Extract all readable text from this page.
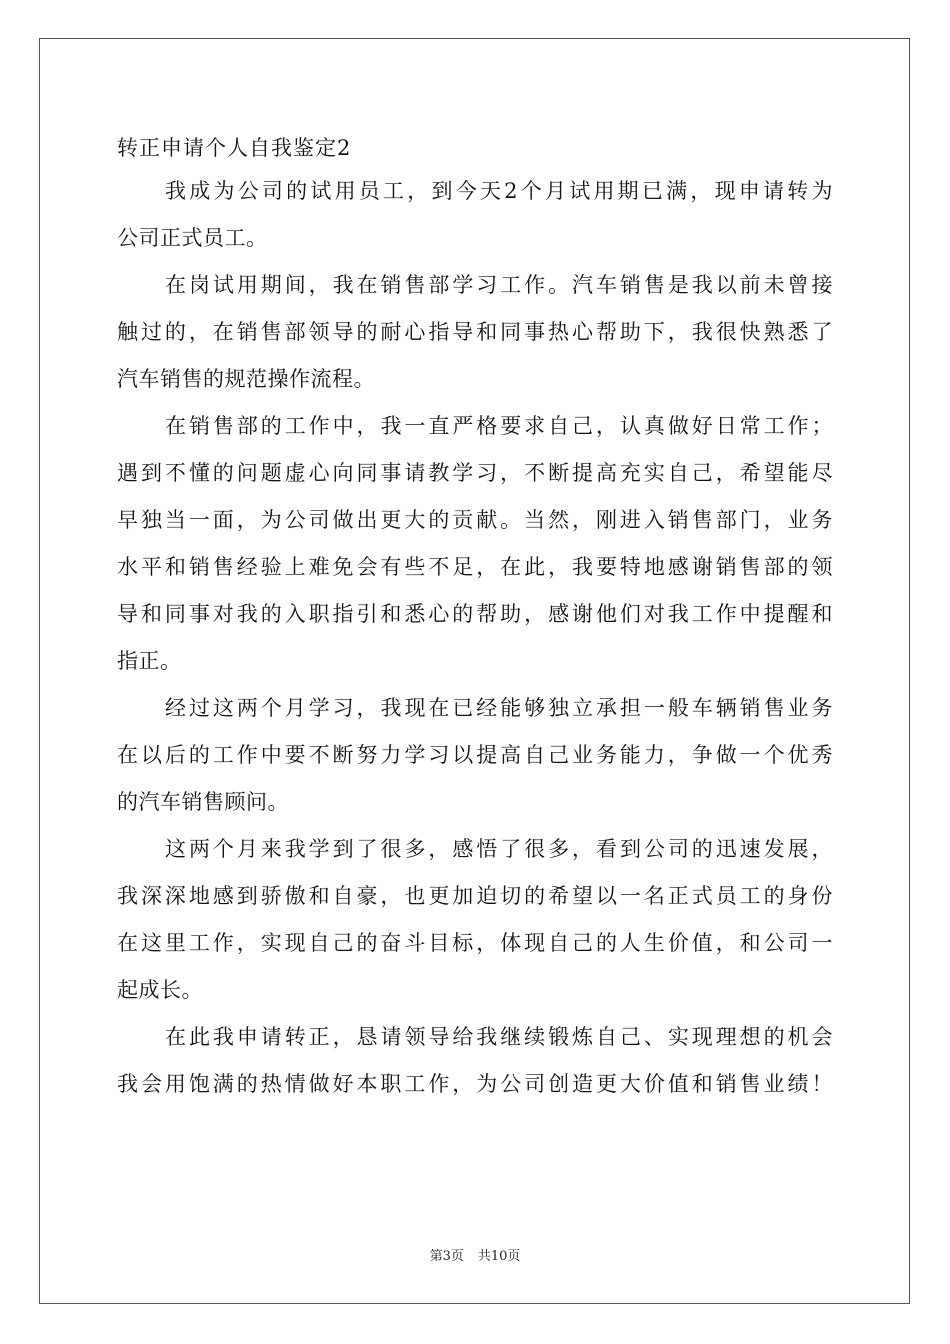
转正申请个人自我鉴定2

我成为公司的试用员工，到今天2个月试用期已满，现申请转为
公司正式员工。

在岗试用期间，我在销售部学习工作。汽车销售是我以前未曾接
触过的，在销售部领导的耐心指导和同事热心帮助下，我很快熟悉了
汽车销售的规范操作流程。

在销售部的工作中，我一直严格要求自己，认真做好日常工作；
遇到不懂的问题虚心向同事请教学习，不断提高充实自己，希望能尽
早独当一面，为公司做出更大的贡献。当然，刚进入销售部门，业务
水平和销售经验上难免会有些不足，在此，我要特地感谢销售部的领
导和同事对我的入职指引和悉心的帮助，感谢他们对我工作中提醒和
指正。

经过这两个月学习，我现在已经能够独立承担一般车辆销售业务
在以后的工作中要不断努力学习以提高自己业务能力，争做一个优秀
的汽车销售顾问。

这两个月来我学到了很多，感悟了很多，看到公司的迅速发展，
我深深地感到骄傲和自豪，也更加迫切的希望以一名正式员工的身份
在这里工作，实现自己的奋斗目标，体现自己的人生价值，和公司一
起成长。

在此我申请转正，恳请领导给我继续锻炼自己、实现理想的机会
我会用饱满的热情做好本职工作，为公司创造更大价值和销售业绩！

第3页 共10页
